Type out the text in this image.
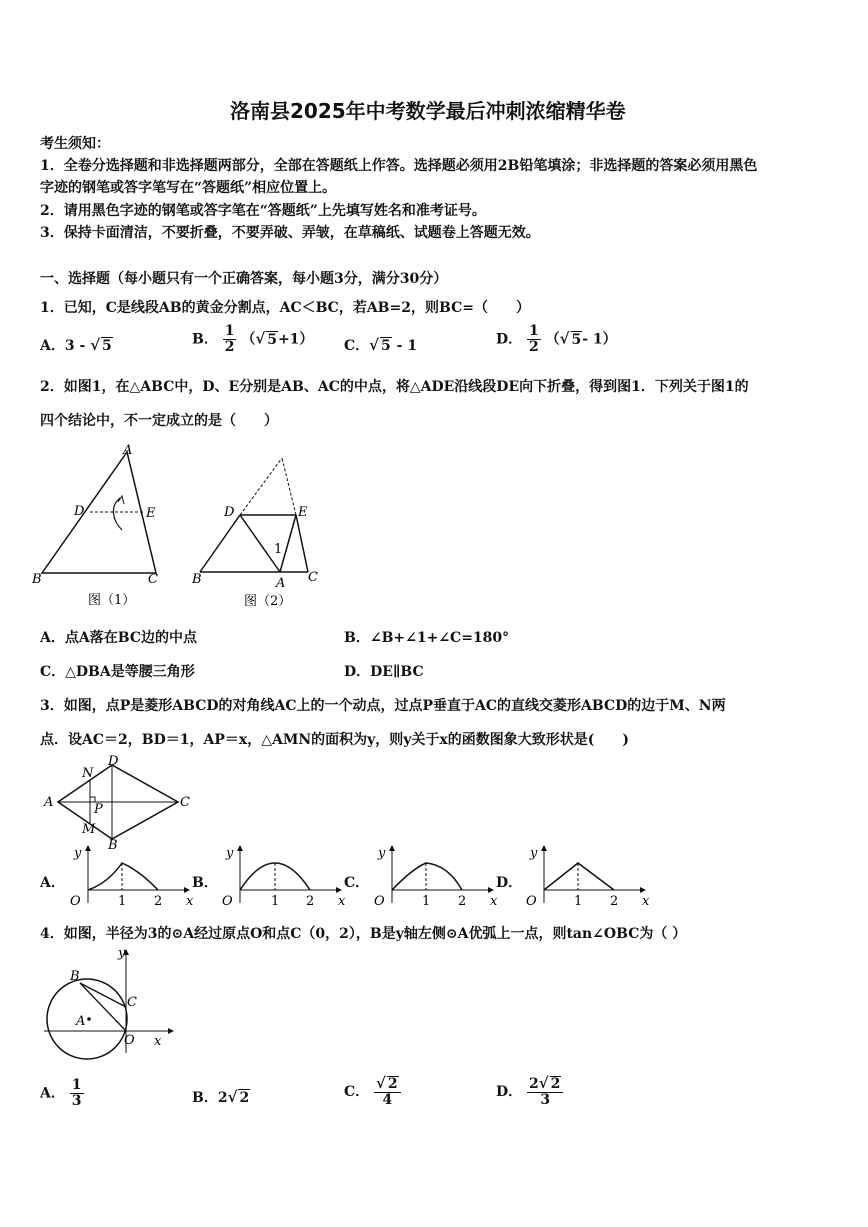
洛南县2025年中考数学最后冲刺浓缩精华卷
考生须知：
1．全卷分选择题和非选择题两部分，全部在答题纸上作答。选择题必须用2B铅笔填涂；非选择题的答案必须用黑色
字迹的钢笔或答字笔写在“答题纸”相应位置上。
2．请用黑色字迹的钢笔或答字笔在“答题纸”上先填写姓名和准考证号。
3．保持卡面清洁，不要折叠，不要弄破、弄皱，在草稿纸、试题卷上答题无效。
一、选择题（每小题只有一个正确答案，每小题3分，满分30分）
1．已知，C是线段AB的黄金分割点，AC＜BC，若AB=2，则BC=（　　）
A．3 - √ 5	B． $\frac{1}{2}$ （√ 5+1） C．√ 5 - 1	D． $\frac{1}{2}$ （√ 5- 1）
2．如图1，在△ABC中，D、E分别是AB、AC的中点，将△ADE沿线段DE向下折叠，得到图1．下列关于图1的
四个结论中，不一定成立的是（　　）
A
B	C
D	E
图（1）
A
B	C
D	E
1
图（2）
A．点A落在BC边的中点	B．∠B+∠1+∠C=180°
C．△DBA是等腰三角形	D．DE∥BC
3．如图，点P是菱形ABCD的对角线AC上的一个动点，过点P垂直于AC的直线交菱形ABCD的边于M、N两
点．设AC＝2，BD＝1，AP＝x，△AMN的面积为y，则y关于x的函数图象大致形状是(　　)
A
B
C
D
M
N
P
A．
y
x
O	1 2
B．
y
x
O	1 2
C．
y
x
O	1 2
D．
y
x
O	1 2
4．如图，半径为3的⊙A经过原点O和点C（0，2），B是y轴左侧⊙A优弧上一点，则tan∠OBC为（ ）
y
x
O
A
B
C
A． $\frac{1}{3}$	B．2√ 2	C． $\frac{√ 2}{4}$	D． $\frac{2√ 2}{3}$
